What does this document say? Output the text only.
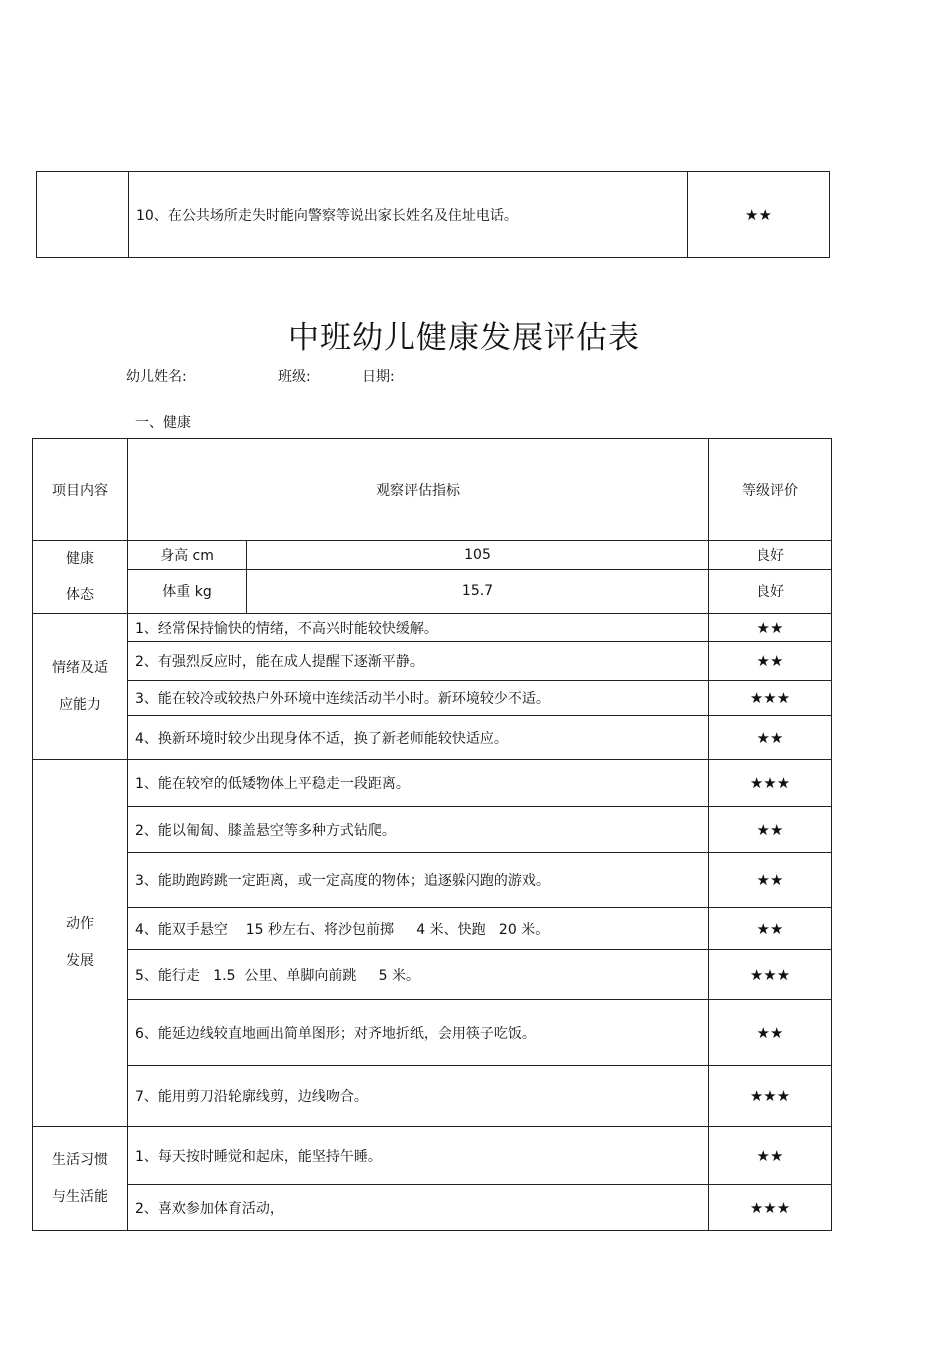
	10、在公共场所走失时能向警察等说出家长姓名及住址电话。	★★
中班幼儿健康发展评估表
幼儿姓名:	班级:	日期:
一、健康
项目内容	观察评估指标		等级评价

健康
体态	身高 cm	105	良好
	体重 kg	15.7	良好

情绪及适
应能力	1、经常保持愉快的情绪，不高兴时能较快缓解。		★★
	2、有强烈反应时，能在成人提醒下逐渐平静。		★★
	3、能在较冷或较热户外环境中连续活动半小时。新环境较少不适。		★★★
	4、换新环境时较少出现身体不适，换了新老师能较快适应。		★★

动作
发展	1、能在较窄的低矮物体上平稳走一段距离。		★★★
	2、能以匍匐、膝盖悬空等多种方式钻爬。		★★
	3、能助跑跨跳一定距离，或一定高度的物体；追逐躲闪跑的游戏。		★★
	4、能双手悬空    15 秒左右、将沙包前掷     4 米、快跑   20 米。		★★
	5、能行走   1.5  公里、单脚向前跳     5 米。		★★★
	6、能延边线较直地画出简单图形；对齐地折纸，会用筷子吃饭。		★★
	7、能用剪刀沿轮廓线剪，边线吻合。		★★★

生活习惯
与生活能	1、每天按时睡觉和起床，能坚持午睡。		★★
	2、喜欢参加体育活动，		★★★
